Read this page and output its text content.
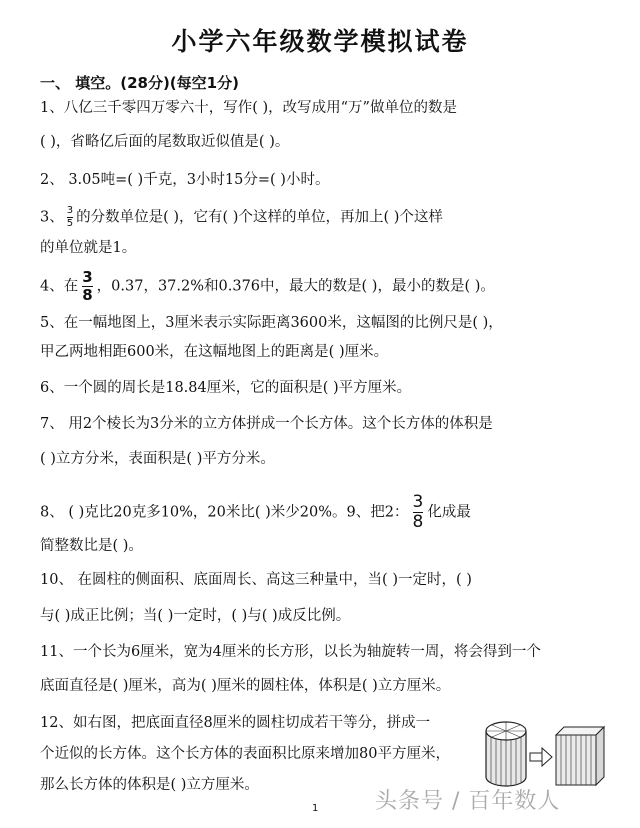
小学六年级数学模拟试卷
一、 填空。(28分)(每空1分)
1、八亿三千零四万零六十，写作( )，改写成用“万”做单位的数是
( )，省略亿后面的尾数取近似值是( )。
2、 3.05吨=( )千克，3小时15分=( )小时。
3、 $\frac{3}{5}$ 的分数单位是( )，它有( )个这样的单位，再加上( )个这样
的单位就是1。
4、在 $\frac{3}{8}$ ，0.37，37.2%和0.376中，最大的数是( )，最小的数是( )。
5、在一幅地图上，3厘米表示实际距离3600米，这幅图的比例尺是( )，
甲乙两地相距600米，在这幅地图上的距离是( )厘米。
6、一个圆的周长是18.84厘米，它的面积是( )平方厘米。
7、 用2个棱长为3分米的立方体拼成一个长方体。这个长方体的体积是
( )立方分米，表面积是( )平方分米。
8、 ( )克比20克多10%，20米比( )米少20%。9、把2： $\frac{3}{8}$ 化成最
简整数比是( )。
10、 在圆柱的侧面积、底面周长、高这三种量中，当( )一定时，( )
与( )成正比例；当( )一定时，( )与( )成反比例。
11、一个长为6厘米，宽为4厘米的长方形，以长为轴旋转一周，将会得到一个
底面直径是( )厘米，高为( )厘米的圆柱体，体积是( )立方厘米。
12、如右图，把底面直径8厘米的圆柱切成若干等分，拼成一
个近似的长方体。这个长方体的表面积比原来增加80平方厘米，
那么长方体的体积是( )立方厘米。
1	头条号 / 百年数人
